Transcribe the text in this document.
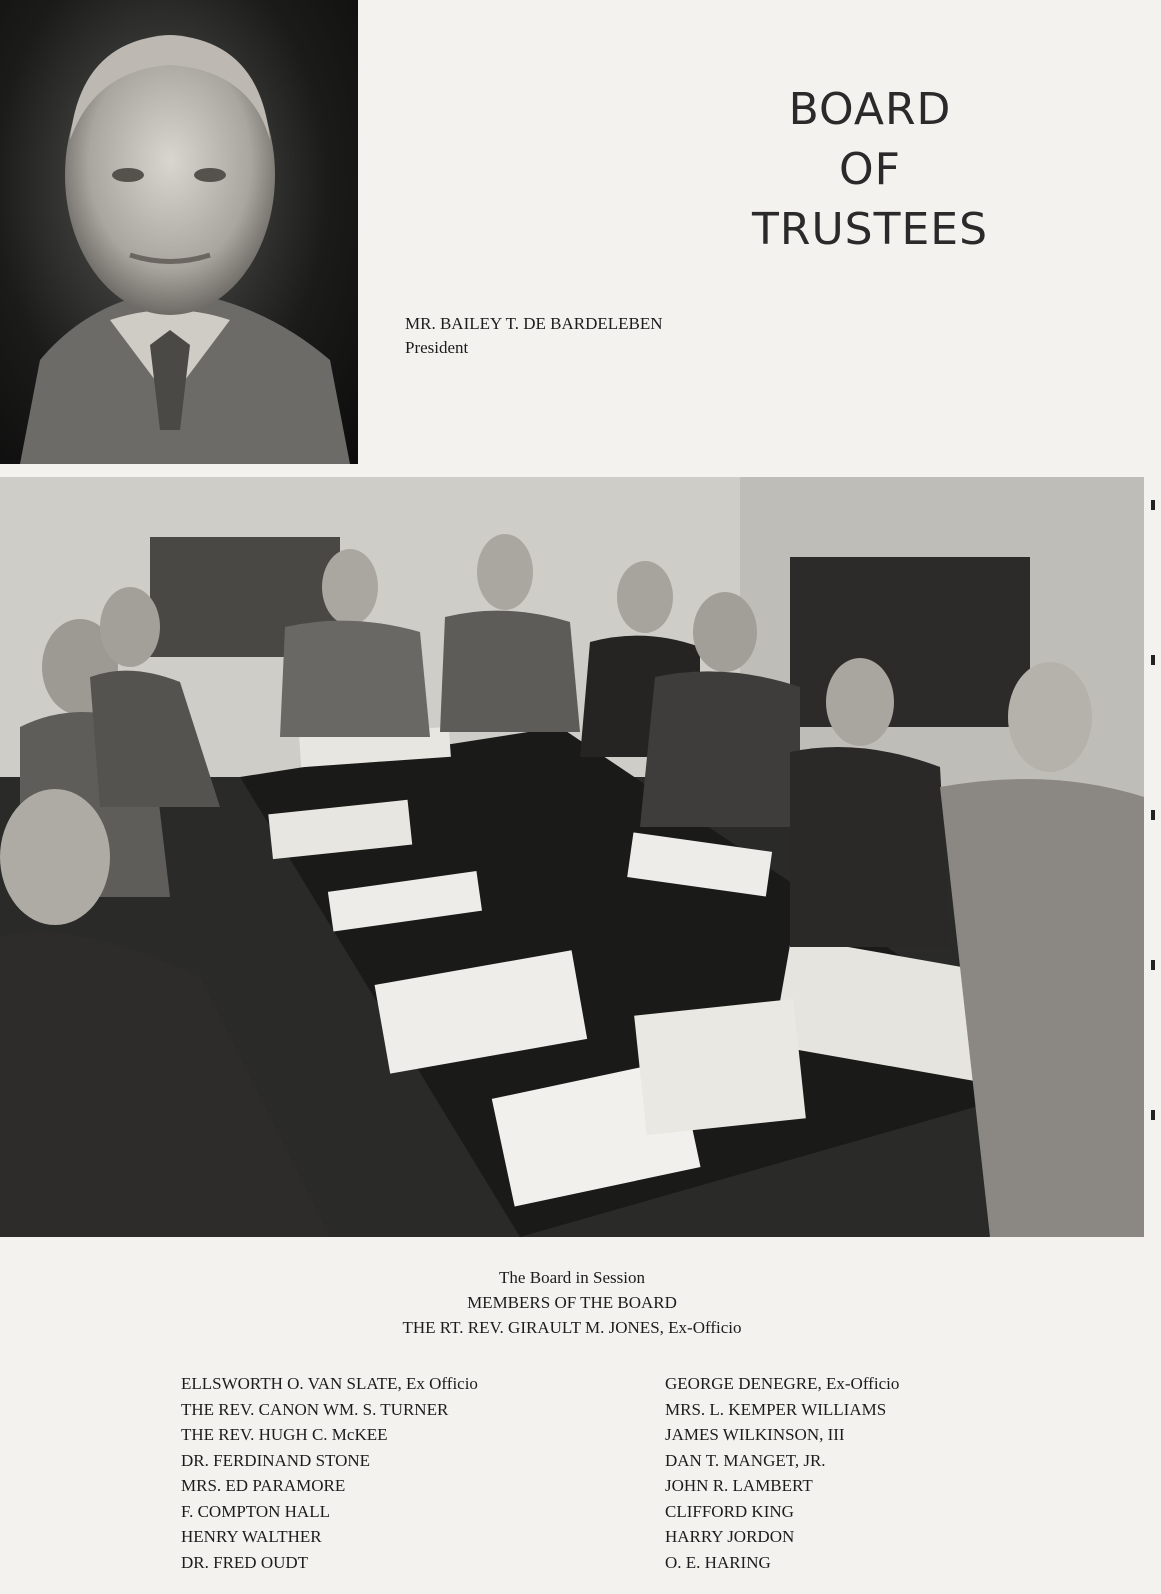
BOARD
OF
TRUSTEES
MR. BAILEY T. DE BARDELEBEN
President
The Board in Session
MEMBERS OF THE BOARD
THE RT. REV. GIRAULT M. JONES, Ex-Officio
ELLSWORTH O. VAN SLATE, Ex Officio
THE REV. CANON WM. S. TURNER
THE REV. HUGH C. McKEE
DR. FERDINAND STONE
MRS. ED PARAMORE
F. COMPTON HALL
HENRY WALTHER
DR. FRED OUDT
GEORGE DENEGRE, Ex-Officio
MRS. L. KEMPER WILLIAMS
JAMES WILKINSON, III
DAN T. MANGET, JR.
JOHN R. LAMBERT
CLIFFORD KING
HARRY JORDON
O. E. HARING
